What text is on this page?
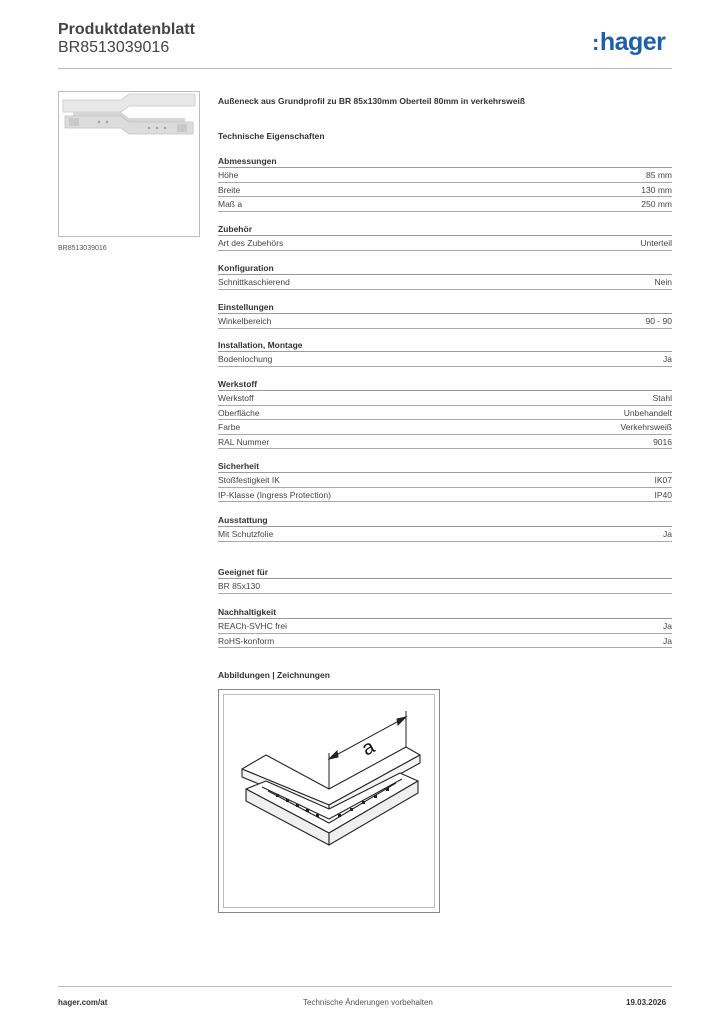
Produktdatenblatt
BR8513039016	:hager
BR8513039016
Außeneck aus Grundprofil zu BR 85x130mm Oberteil 80mm in verkehrsweiß
Technische Eigenschaften
Abmessungen
Höhe	85 mm
Breite	130 mm
Maß a	250 mm
Zubehör
Art des Zubehörs	Unterteil
Konfiguration
Schnittkaschierend	Nein
Einstellungen
Winkelbereich	90 - 90
Installation, Montage
Bodenlochung	Ja
Werkstoff
Werkstoff	Stahl
Oberfläche	Unbehandelt
Farbe	Verkehrsweiß
RAL Nummer	9016
Sicherheit
Stoßfestigkeit IK	IK07
IP-Klasse (Ingress Protection)	IP40
Ausstattung
Mit Schutzfolie	Ja
Geeignet für
BR 85x130
Nachhaltigkeit
REACh-SVHC frei	Ja
RoHS-konform	Ja
Abbildungen | Zeichnungen
a
hager.com/at	Technische Änderungen vorbehalten	19.03.2026
